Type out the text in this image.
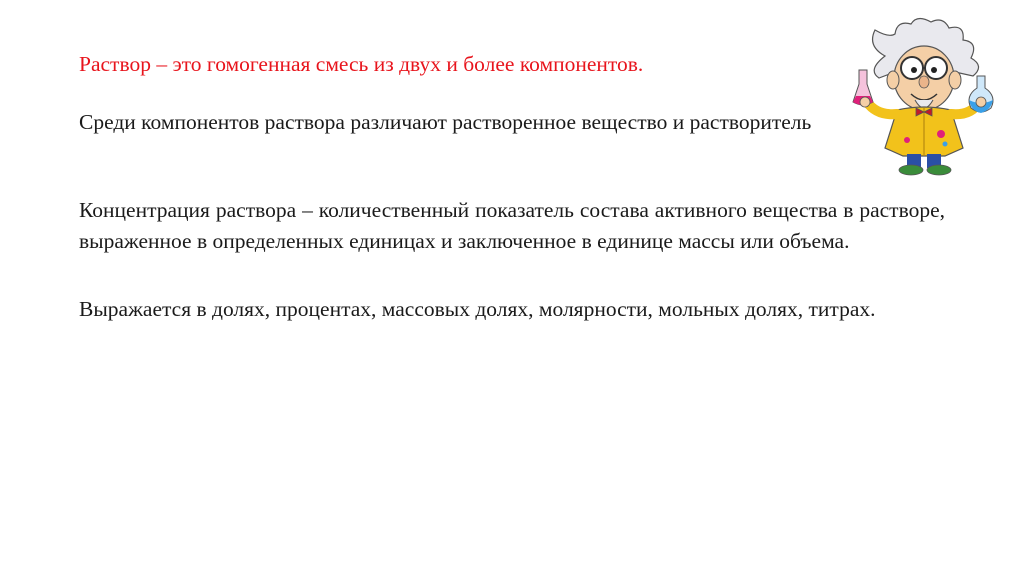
Раствор – это гомогенная смесь из двух и более компонентов.

Среди компонентов раствора различают растворенное вещество и растворитель

Концентрация раствора – количественный показатель состава активного вещества в растворе, выраженное в определенных единицах и заключенное в единице массы или объема.

Выражается в долях, процентах, массовых долях, молярности, мольных долях, титрах.
